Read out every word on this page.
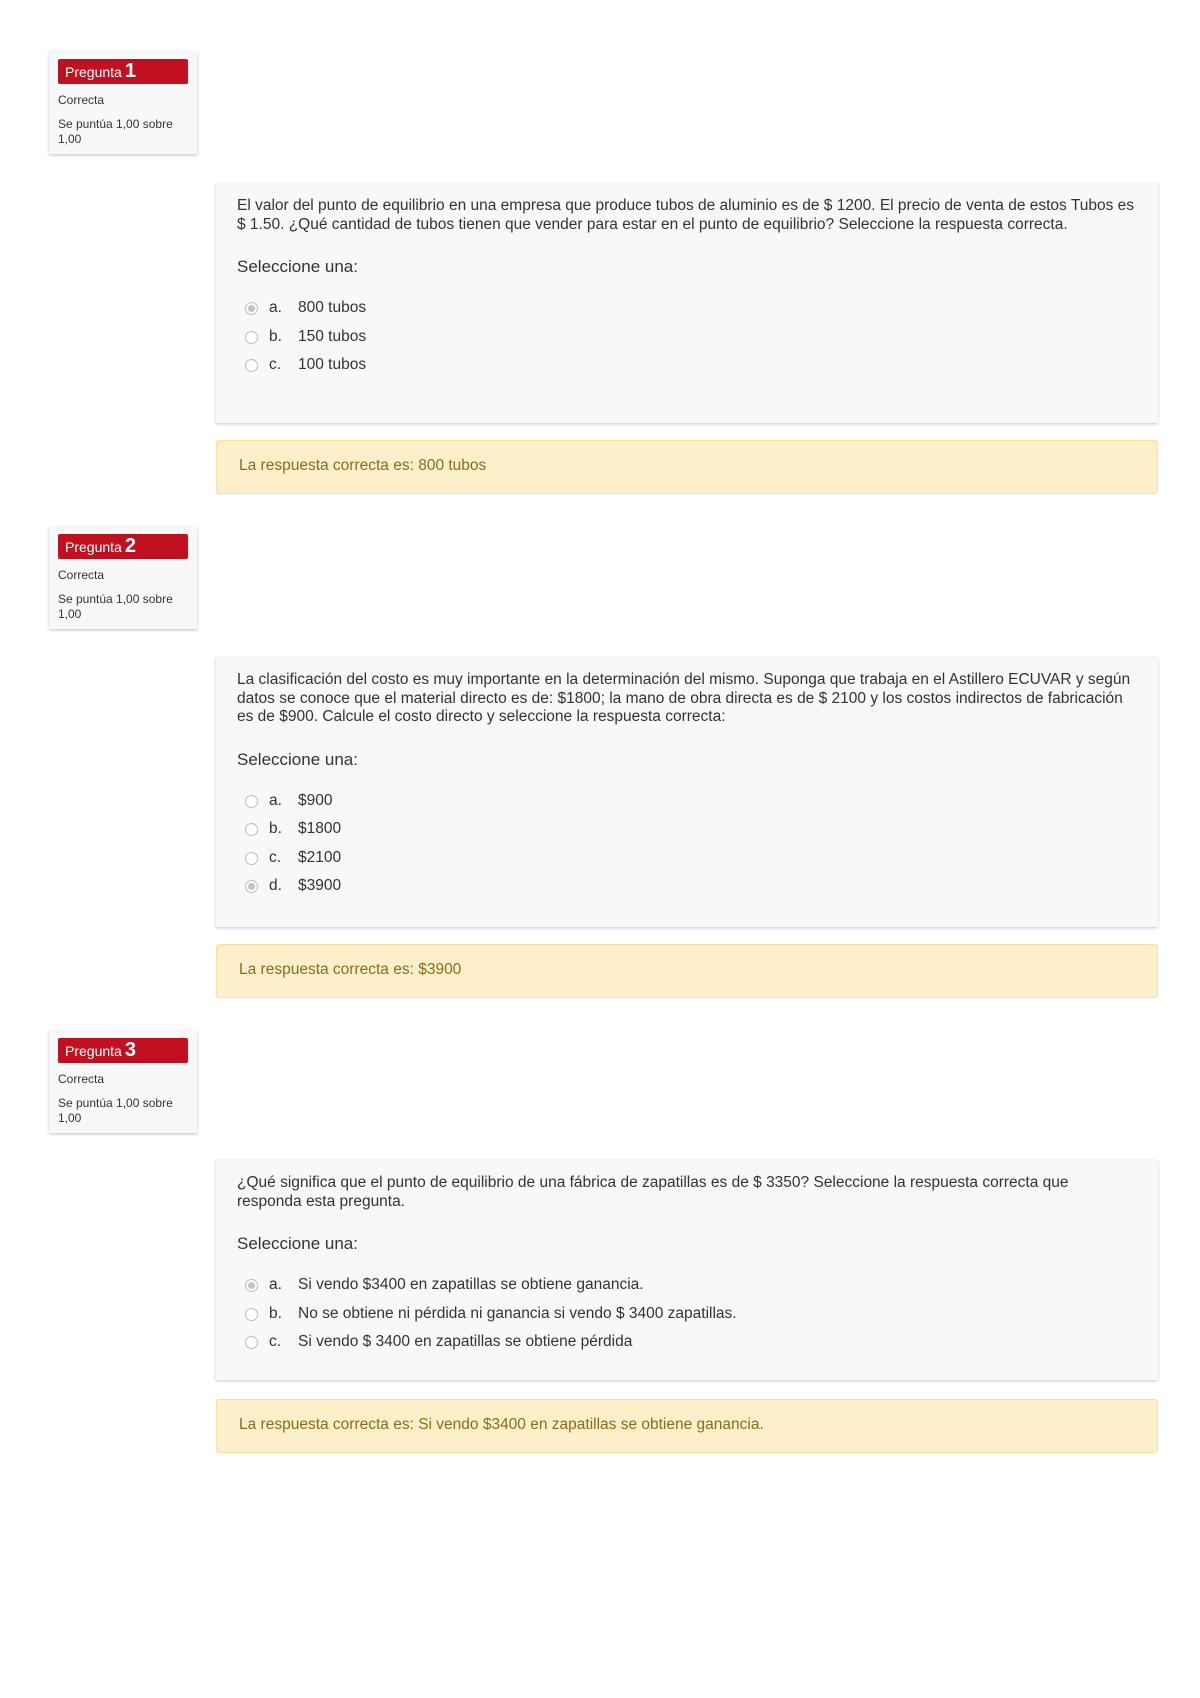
Pregunta 1
Correcta
Se puntúa 1,00 sobre 1,00

El valor del punto de equilibrio en una empresa que produce tubos de aluminio es de $ 1200. El precio de venta de estos Tubos es $ 1.50. ¿Qué cantidad de tubos tienen que vender para estar en el punto de equilibrio? Seleccione la respuesta correcta.

Seleccione una:
a. 800 tubos
b. 150 tubos
c. 100 tubos
La respuesta correcta es: 800 tubos
Pregunta 2
Correcta
Se puntúa 1,00 sobre 1,00

La clasificación del costo es muy importante en la determinación del mismo. Suponga que trabaja en el Astillero ECUVAR y según datos se conoce que el material directo es de: $1800; la mano de obra directa es de $ 2100 y los costos indirectos de fabricación es de $900. Calcule el costo directo y seleccione la respuesta correcta:

Seleccione una:
a. $900
b. $1800
c. $2100
d. $3900
La respuesta correcta es: $3900
Pregunta 3
Correcta
Se puntúa 1,00 sobre 1,00

¿Qué significa que el punto de equilibrio de una fábrica de zapatillas es de $ 3350? Seleccione la respuesta correcta que responda esta pregunta.

Seleccione una:
a. Si vendo $3400 en zapatillas se obtiene ganancia.
b. No se obtiene ni pérdida ni ganancia si vendo $ 3400 zapatillas.
c. Si vendo $ 3400 en zapatillas se obtiene pérdida
La respuesta correcta es: Si vendo $3400 en zapatillas se obtiene ganancia.
